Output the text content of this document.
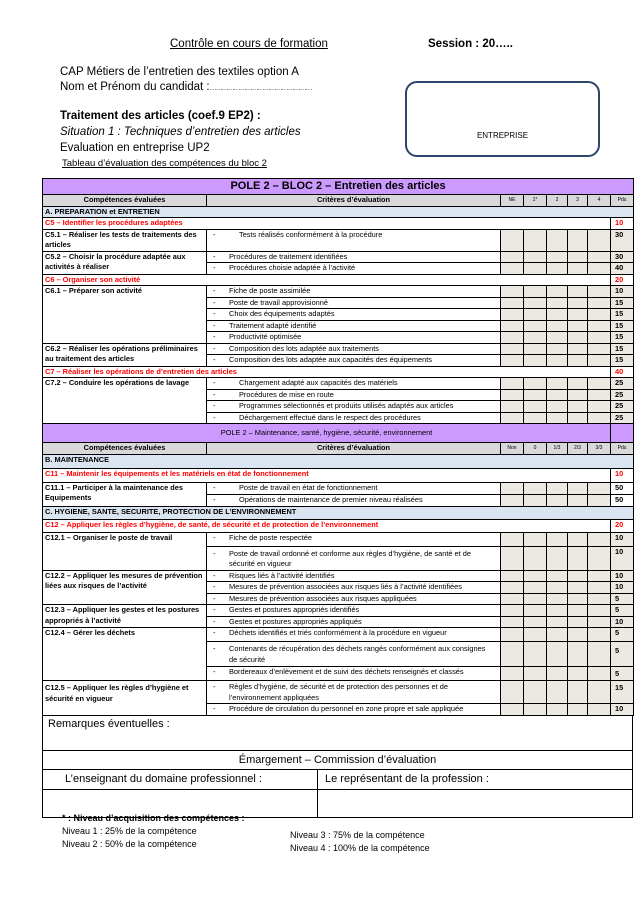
Contrôle en cours de formation	Session : 20…..
CAP Métiers de l’entretien des textiles option A
Nom et Prénom du candidat :……………………………………………
Traitement des articles (coef.9 EP2) :
Situation 1 : Techniques d’entretien des articles
Evaluation en entreprise UP2
Tableau d’évaluation des compétences du bloc 2
ENTREPRISE
POLE 2 – BLOC 2 – Entretien des articles							
Compétences évaluées	Critères d’évaluation	NE	1*	2	3	4	Pds
A. PREPARATION et ENTRETIEN							
C5 – Identifier les procédures adaptées							10
C5.1 – Réaliser les tests de traitements des articles	- Tests réalisés conformément à la procédure						30
C5.2 – Choisir la procédure adaptée aux activités à réaliser	- Procédures de traitement identifiées						30
	- Procédures choisie adaptée à l’activité						40
C6 – Organiser son activité							20
C6.1 – Préparer son activité	- Fiche de poste assimilée						10
	- Poste de travail approvisionné						15
	- Choix des équipements adaptés						15
	- Traitement adapté identifié						15
	- Productivité optimisée						15
C6.2 – Réaliser les opérations préliminaires au traitement des articles	- Composition des lots adaptée aux traitements						15
	- Composition des lots adaptée aux capacités des équipements						15
C7 – Réaliser les opérations de d’entretien des articles							40
C7.2 – Conduire les opérations de lavage	- Chargement adapté aux capacités des matériels						25
	- Procédures de mise en route						25
	- Programmes sélectionnés et produits utilisés adaptés aux articles						25
	- Déchargement effectué dans le respect des procédures						25
POLE 2 – Maintenance, santé, hygiène, sécurité, environnement							
Compétences évaluées	Critères d’évaluation	Non	0	1/3	2/3	3/3	Pds
B. MAINTENANCE							
C11 – Maintenir les équipements et les matériels en état de fonctionnement							10
C11.1 – Participer à la maintenance des Equipements	- Poste de travail en état de fonctionnement						50
	- Opérations de maintenance de premier niveau réalisées						50
C. HYGIENE, SANTE, SECURITE, PROTECTION DE L’ENVIRONNEMENT							
C12 – Appliquer les règles d’hygiène, de santé, de sécurité et de protection de l’environnement							20
C12.1 – Organiser le poste de travail	- Fiche de poste respectée						10
	- Poste de travail ordonné et conforme aux règles d’hygiène, de santé et de sécurité en vigueur						10
C12.2 – Appliquer les mesures de prévention liées aux risques de l’activité	- Risques liés à l’activité identifiés						10
	- Mesures de prévention associées aux risques liés à l’activité identifiées						10
	- Mesures de prévention associées aux risques appliquées						5
C12.3 – Appliquer les gestes et les postures appropriés à l’activité	- Gestes et postures appropriés identifiés						5
	- Gestes et postures appropriés appliqués						10
C12.4 – Gérer les déchets	- Déchets identifiés et triés conformément à la procédure en vigueur						5
	- Contenants de récupération des déchets rangés conformément aux consignes de sécurité						5
	- Bordereaux d’enlèvement et de suivi des déchets renseignés et classés						5
C12.5 – Appliquer les règles d’hygiène et sécurité en vigueur	- Règles d’hygiène, de sécurité et de protection des personnes et de l’environnement appliquées						15
	- Procédure de circulation du personnel en zone propre et sale appliquée						10
Remarques éventuelles :
Émargement – Commission d’évaluation
L’enseignant du domaine professionnel :	Le représentant de la profession :
* : Niveau d’acquisition des compétences :
Niveau 1 : 25% de la compétence
Niveau 2 : 50% de la compétence
Niveau 3 : 75% de la compétence
Niveau 4 : 100% de la compétence
